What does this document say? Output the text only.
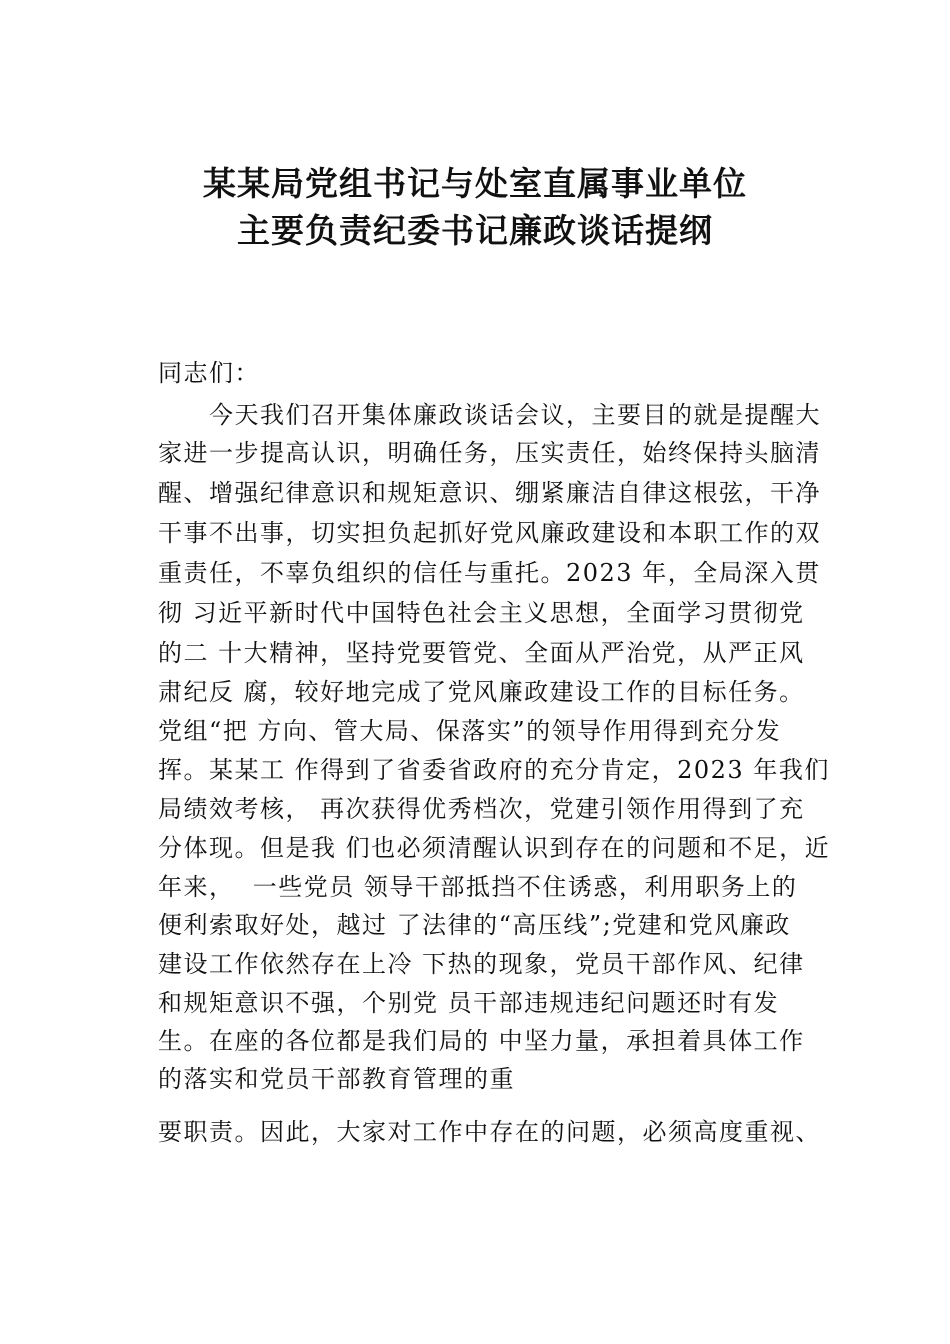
某某局党组书记与处室直属事业单位
主要负责纪委书记廉政谈话提纲
同志们：
　　今天我们召开集体廉政谈话会议，主要目的就是提醒大
家进一步提高认识，明确任务，压实责任，始终保持头脑清
醒、增强纪律意识和规矩意识、绷紧廉洁自律这根弦，干净
干事不出事，切实担负起抓好党风廉政建设和本职工作的双
重责任，不辜负组织的信任与重托。2023 年，全局深入贯
彻 习近平新时代中国特色社会主义思想，全面学习贯彻党
的二 十大精神，坚持党要管党、全面从严治党，从严正风
肃纪反 腐，较好地完成了党风廉政建设工作的目标任务。
党组“把 方向、管大局、保落实”的领导作用得到充分发
挥。某某工 作得到了省委省政府的充分肯定，2023 年我们
局绩效考核， 再次获得优秀档次，党建引领作用得到了充
分体现。但是我 们也必须清醒认识到存在的问题和不足，近
年来，  一些党员 领导干部抵挡不住诱惑，利用职务上的
便利索取好处，越过 了法律的“高压线”;党建和党风廉政
建设工作依然存在上冷 下热的现象，党员干部作风、纪律
和规矩意识不强，个别党 员干部违规违纪问题还时有发
生。在座的各位都是我们局的 中坚力量，承担着具体工作
的落实和党员干部教育管理的重
要职责。因此，大家对工作中存在的问题，必须高度重视、
